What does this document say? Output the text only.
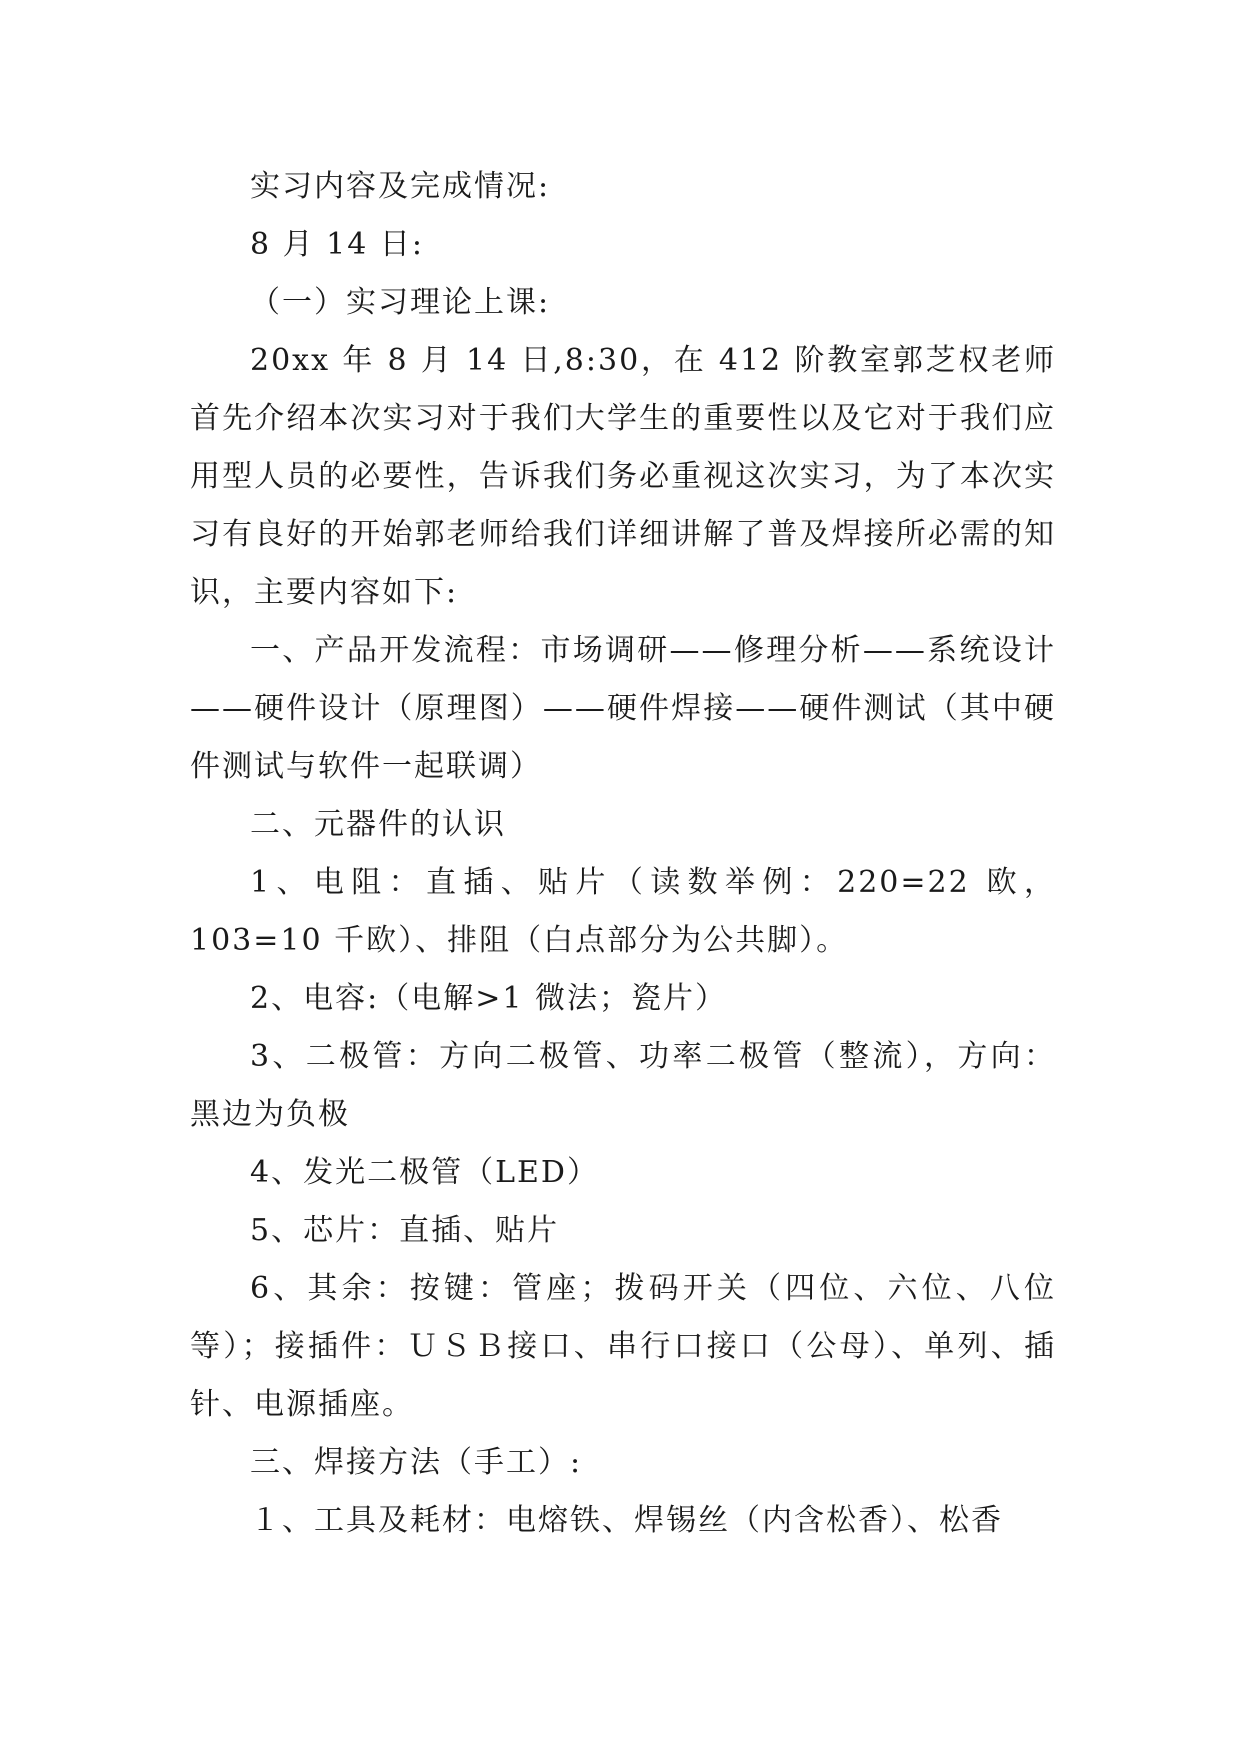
实习内容及完成情况:

8 月 14 日:

（一）实习理论上课:

20xx 年 8 月 14 日,8:30，在 412 阶教室郭芝权老师首先介绍本次实习对于我们大学生的重要性以及它对于我们应用型人员的必要性，告诉我们务必重视这次实习，为了本次实习有良好的开始郭老师给我们详细讲解了普及焊接所必需的知识，主要内容如下:

一、产品开发流程：市场调研——修理分析——系统设计——硬件设计（原理图）——硬件焊接——硬件测试（其中硬件测试与软件一起联调）

二、元器件的认识

1、电阻：直插、贴片（读数举例：220=22 欧，103=10 千欧）、排阻（白点部分为公共脚）。

2、电容:（电解>1 微法；瓷片）

3、二极管：方向二极管、功率二极管（整流），方向：黑边为负极

4、发光二极管（LED）

5、芯片：直插、贴片

6、其余：按键：管座；拨码开关（四位、六位、八位等）；接插件：ＵＳＢ接口、串行口接口（公母）、单列、插针、电源插座。

三、焊接方法（手工）:

１、工具及耗材：电熔铁、焊锡丝（内含松香）、松香
